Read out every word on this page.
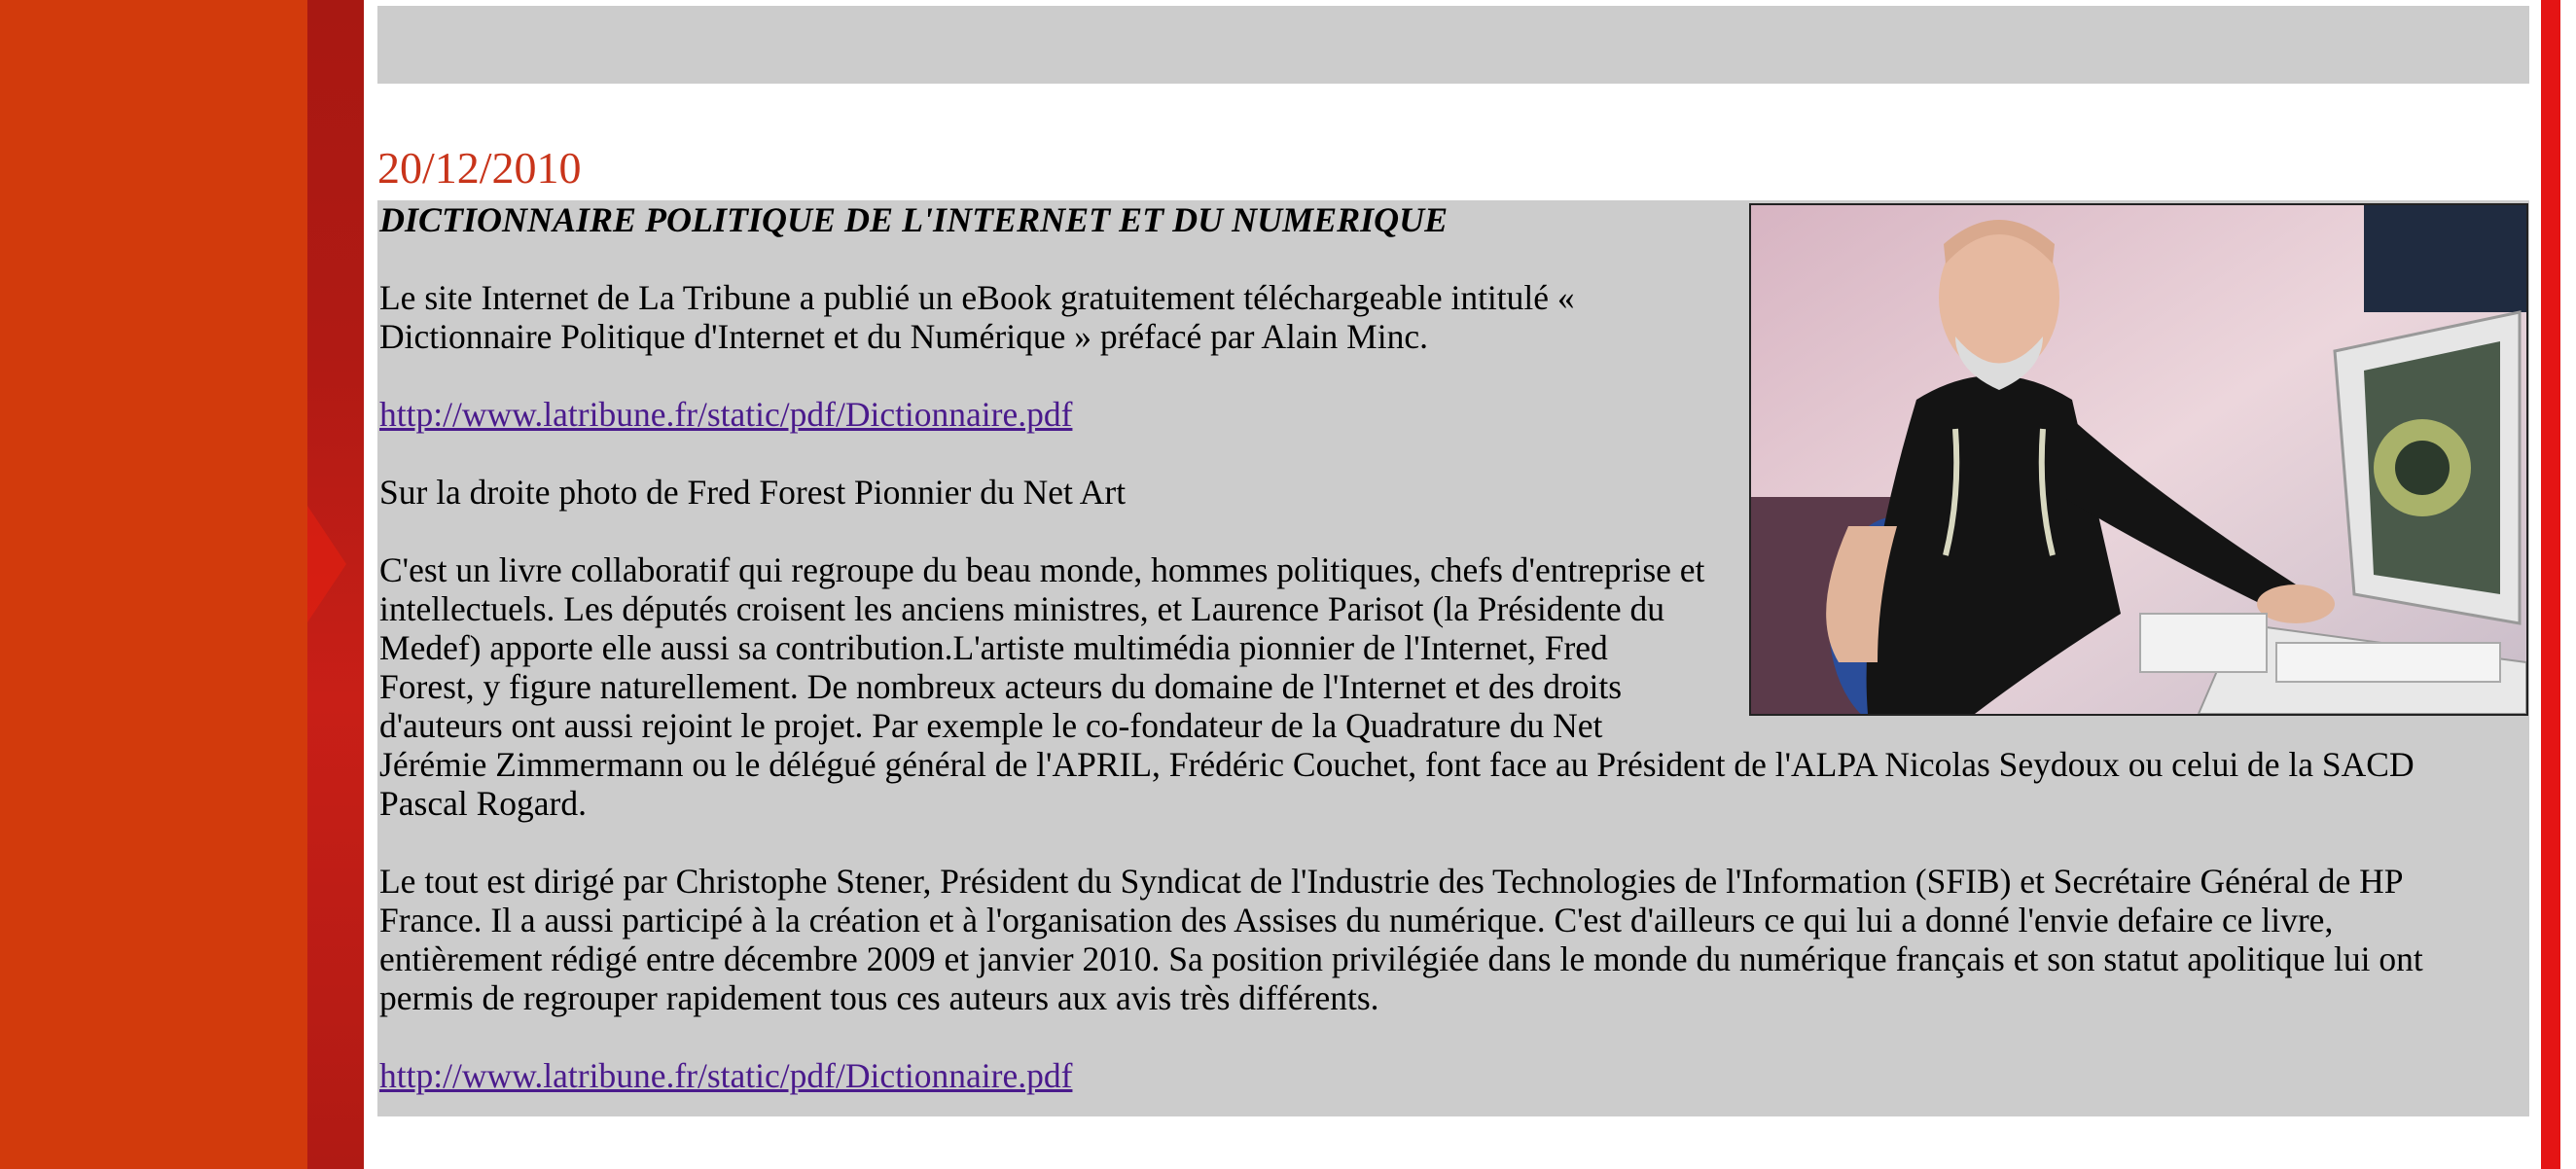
20/12/2010

DICTIONNAIRE POLITIQUE DE L'INTERNET ET DU NUMERIQUE

Le site Internet de La Tribune a publié un eBook gratuitement téléchargeable intitulé « Dictionnaire Politique d'Internet et du Numérique » préfacé par Alain Minc.

http://www.latribune.fr/static/pdf/Dictionnaire.pdf

Sur la droite photo de Fred Forest Pionnier du Net Art

C'est un livre collaboratif qui regroupe du beau monde, hommes politiques, chefs d'entreprise et intellectuels. Les députés croisent les anciens ministres, et Laurence Parisot (la Présidente du Medef) apporte elle aussi sa contribution.L'artiste multimédia pionnier de l'Internet, Fred Forest, y figure naturellement. De nombreux acteurs du domaine de l'Internet et des droits d'auteurs ont aussi rejoint le projet. Par exemple le co-fondateur de la Quadrature du Net Jérémie Zimmermann ou le délégué général de l'APRIL, Frédéric Couchet, font face au Président de l'ALPA Nicolas Seydoux ou celui de la SACD Pascal Rogard.

Le tout est dirigé par Christophe Stener, Président du Syndicat de l'Industrie des Technologies de l'Information (SFIB) et Secrétaire Général de HP France. Il a aussi participé à la création et à l'organisation des Assises du numérique. C'est d'ailleurs ce qui lui a donné l'envie defaire ce livre, entièrement rédigé entre décembre 2009 et janvier 2010. Sa position privilégiée dans le monde du numérique français et son statut apolitique lui ont permis de regrouper rapidement tous ces auteurs aux avis très différents.

http://www.latribune.fr/static/pdf/Dictionnaire.pdf
